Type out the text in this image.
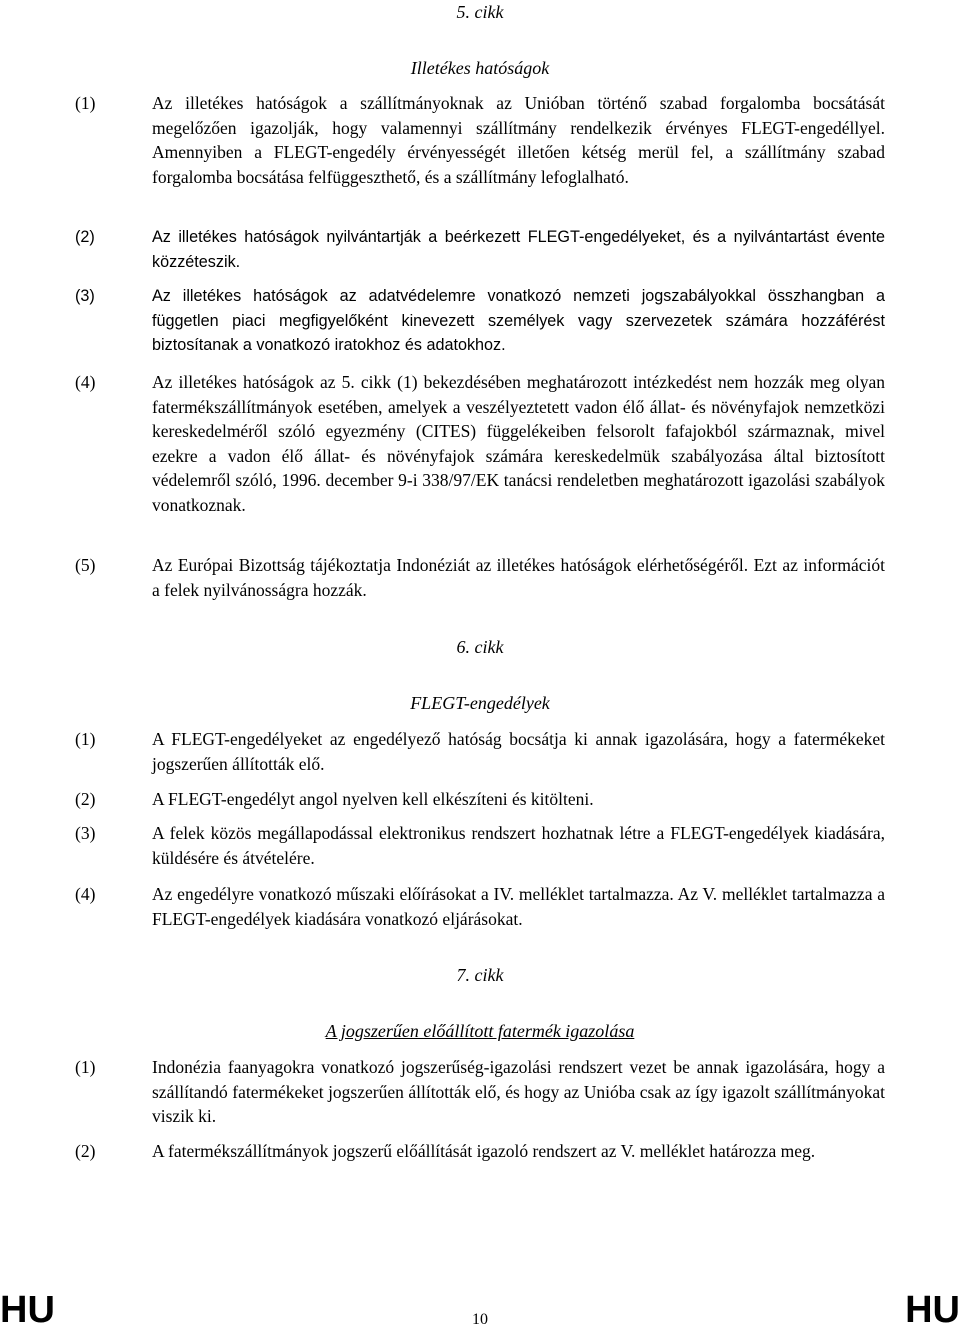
5. cikk
Illetékes hatóságok
(1)	Az illetékes hatóságok a szállítmányoknak az Unióban történő szabad forgalomba bocsátását megelőzően igazolják, hogy valamennyi szállítmány rendelkezik érvényes FLEGT-engedéllyel. Amennyiben a FLEGT-engedély érvényességét illetően kétség merül fel, a szállítmány szabad forgalomba bocsátása felfüggeszthető, és a szállítmány lefoglalható.
(2)	Az illetékes hatóságok nyilvántartják a beérkezett FLEGT-engedélyeket, és a nyilvántartást évente közzéteszik.
(3)	Az illetékes hatóságok az adatvédelemre vonatkozó nemzeti jogszabályokkal összhangban a független piaci megfigyelőként kinevezett személyek vagy szervezetek számára hozzáférést biztosítanak a vonatkozó iratokhoz és adatokhoz.
(4)	Az illetékes hatóságok az 5. cikk (1) bekezdésében meghatározott intézkedést nem hozzák meg olyan fatermékszállítmányok esetében, amelyek a veszélyeztetett vadon élő állat- és növényfajok nemzetközi kereskedelméről szóló egyezmény (CITES) függelékeiben felsorolt fafajokból származnak, mivel ezekre a vadon élő állat- és növényfajok számára kereskedelmük szabályozása által biztosított védelemről szóló, 1996. december 9-i 338/97/EK tanácsi rendeletben meghatározott igazolási szabályok vonatkoznak.
(5)	Az Európai Bizottság tájékoztatja Indonéziát az illetékes hatóságok elérhetőségéről. Ezt az információt a felek nyilvánosságra hozzák.
6. cikk
FLEGT-engedélyek
(1)	A FLEGT-engedélyeket az engedélyező hatóság bocsátja ki annak igazolására, hogy a fatermékeket jogszerűen állították elő.
(2)	A FLEGT-engedélyt angol nyelven kell elkészíteni és kitölteni.
(3)	A felek közös megállapodással elektronikus rendszert hozhatnak létre a FLEGT-engedélyek kiadására, küldésére és átvételére.
(4)	Az engedélyre vonatkozó műszaki előírásokat a IV. melléklet tartalmazza. Az V. melléklet tartalmazza a FLEGT-engedélyek kiadására vonatkozó eljárásokat.
7. cikk
A jogszerűen előállított fatermék igazolása
(1)	Indonézia faanyagokra vonatkozó jogszerűség-igazolási rendszert vezet be annak igazolására, hogy a szállítandó fatermékeket jogszerűen állították elő, és hogy az Unióba csak az így igazolt szállítmányokat viszik ki.
(2)	A fatermékszállítmányok jogszerű előállítását igazoló rendszert az V. melléklet határozza meg.
HU	10	HU
